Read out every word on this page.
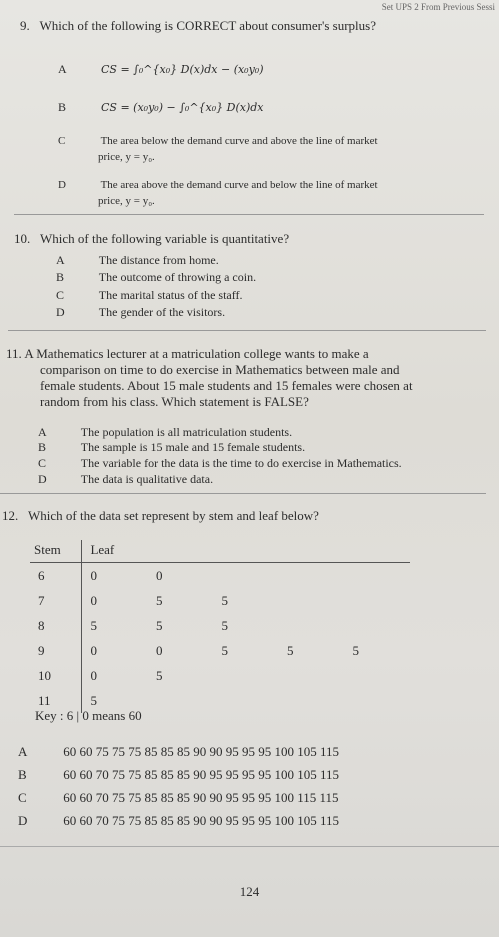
Set UPS 2 From Previous Sessi
9. Which of the following is CORRECT about consumer's surplus?
A	CS = ∫₀^{x₀} D(x)dx − (x₀y₀)
B	CS = (x₀y₀) − ∫₀^{x₀} D(x)dx
C	The area below the demand curve and above the line of market
price, y = y₀.
D	The area above the demand curve and below the line of market
price, y = y₀.
10. Which of the following variable is quantitative?
A	The distance from home.
B	The outcome of throwing a coin.
C	The marital status of the staff.
D	The gender of the visitors.
11. A Mathematics lecturer at a matriculation college wants to make a
comparison on time to do exercise in Mathematics between male and
female students. About 15 male students and 15 females were chosen at
random from his class. Which statement is FALSE?
A	The population is all matriculation students.
B	The sample is 15 male and 15 female students.
C	The variable for the data is the time to do exercise in Mathematics.
D	The data is qualitative data.
12. Which of the data set represent by stem and leaf below?
Stem	Leaf				
6	0	0			
7	0	5	5		
8	5	5	5		
9	0	0	5	5	5
10	0	5			
11	5				
Key : 6 | 0 means 60
A	60 60 75 75 75 85 85 85 90 90 95 95 95 100 105 115
B	60 60 70 75 75 85 85 85 90 95 95 95 95 100 105 115
C	60 60 70 75 75 85 85 85 90 90 95 95 95 100 115 115
D	60 60 70 75 75 85 85 85 90 90 95 95 95 100 105 115
124
